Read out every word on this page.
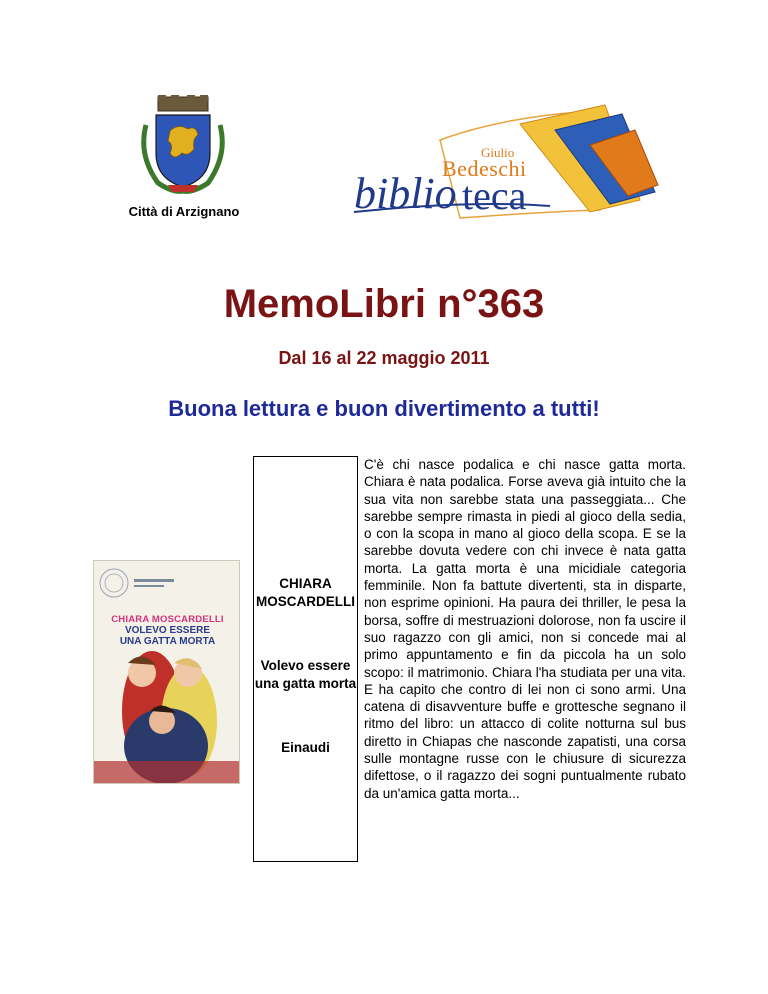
Città di Arzignano
Giulio
Bedeschi
biblio teca
MemoLibri n°363
Dal 16 al 22 maggio 2011
Buona lettura e buon divertimento a tutti!
CHIARA MOSCARDELLI
VOLEVO ESSERE
UNA GATTA MORTA
CHIARA
MOSCARDELLI
Volevo essere
una gatta morta
Einaudi
C'è chi nasce podalica e chi nasce gatta morta. Chiara è nata podalica. Forse aveva già intuito che la sua vita non sarebbe stata una passeggiata... Che sarebbe sempre rimasta in piedi al gioco della sedia, o con la scopa in mano al gioco della scopa. E se la sarebbe dovuta vedere con chi invece è nata gatta morta. La gatta morta è una micidiale categoria femminile. Non fa battute divertenti, sta in disparte, non esprime opinioni. Ha paura dei thriller, le pesa la borsa, soffre di mestruazioni dolorose, non fa uscire il suo ragazzo con gli amici, non si concede mai al primo appuntamento e fin da piccola ha un solo scopo: il matrimonio. Chiara l'ha studiata per una vita. E ha capito che contro di lei non ci sono armi. Una catena di disavventure buffe e grottesche segnano il ritmo del libro: un attacco di colite notturna sul bus diretto in Chiapas che nasconde zapatisti, una corsa sulle montagne russe con le chiusure di sicurezza difettose, o il ragazzo dei sogni puntualmente rubato da un'amica gatta morta...
